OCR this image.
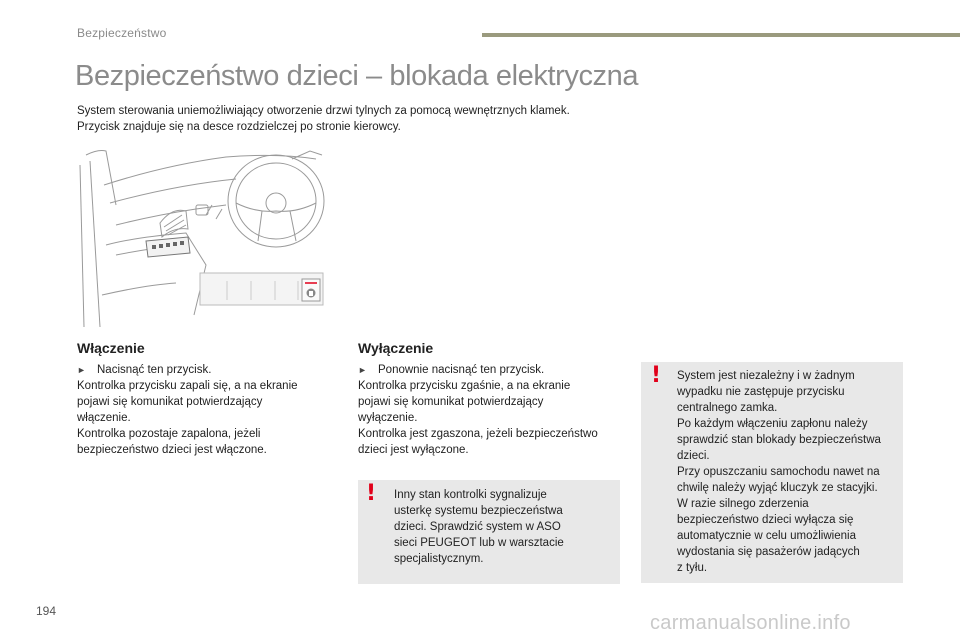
Bezpieczeństwo
Bezpieczeństwo dzieci – blokada elektryczna

System sterowania uniemożliwiający otworzenie drzwi tylnych za pomocą wewnętrznych klamek.

Przycisk znajduje się na desce rozdzielczej po stronie kierowcy.

Włączenie

► Nacisnąć ten przycisk.

Kontrolka przycisku zapali się, a na ekranie

pojawi się komunikat potwierdzający

włączenie.

Kontrolka pozostaje zapalona, jeżeli

bezpieczeństwo dzieci jest włączone.

Wyłączenie

► Ponownie nacisnąć ten przycisk.

Kontrolka przycisku zgaśnie, a na ekranie

pojawi się komunikat potwierdzający

wyłączenie.

Kontrolka jest zgaszona, jeżeli bezpieczeństwo

dzieci jest wyłączone.

! Inny stan kontrolki sygnalizuje

usterkę systemu bezpieczeństwa

dzieci. Sprawdzić system w ASO

sieci PEUGEOT lub w warsztacie

specjalistycznym.

! System jest niezależny i w żadnym

wypadku nie zastępuje przycisku

centralnego zamka.

Po każdym włączeniu zapłonu należy

sprawdzić stan blokady bezpieczeństwa

dzieci.

Przy opuszczaniu samochodu nawet na

chwilę należy wyjąć kluczyk ze stacyjki.

W razie silnego zderzenia

bezpieczeństwo dzieci wyłącza się

automatycznie w celu umożliwienia

wydostania się pasażerów jadących

z tyłu.

194
carmanualsonline.info
